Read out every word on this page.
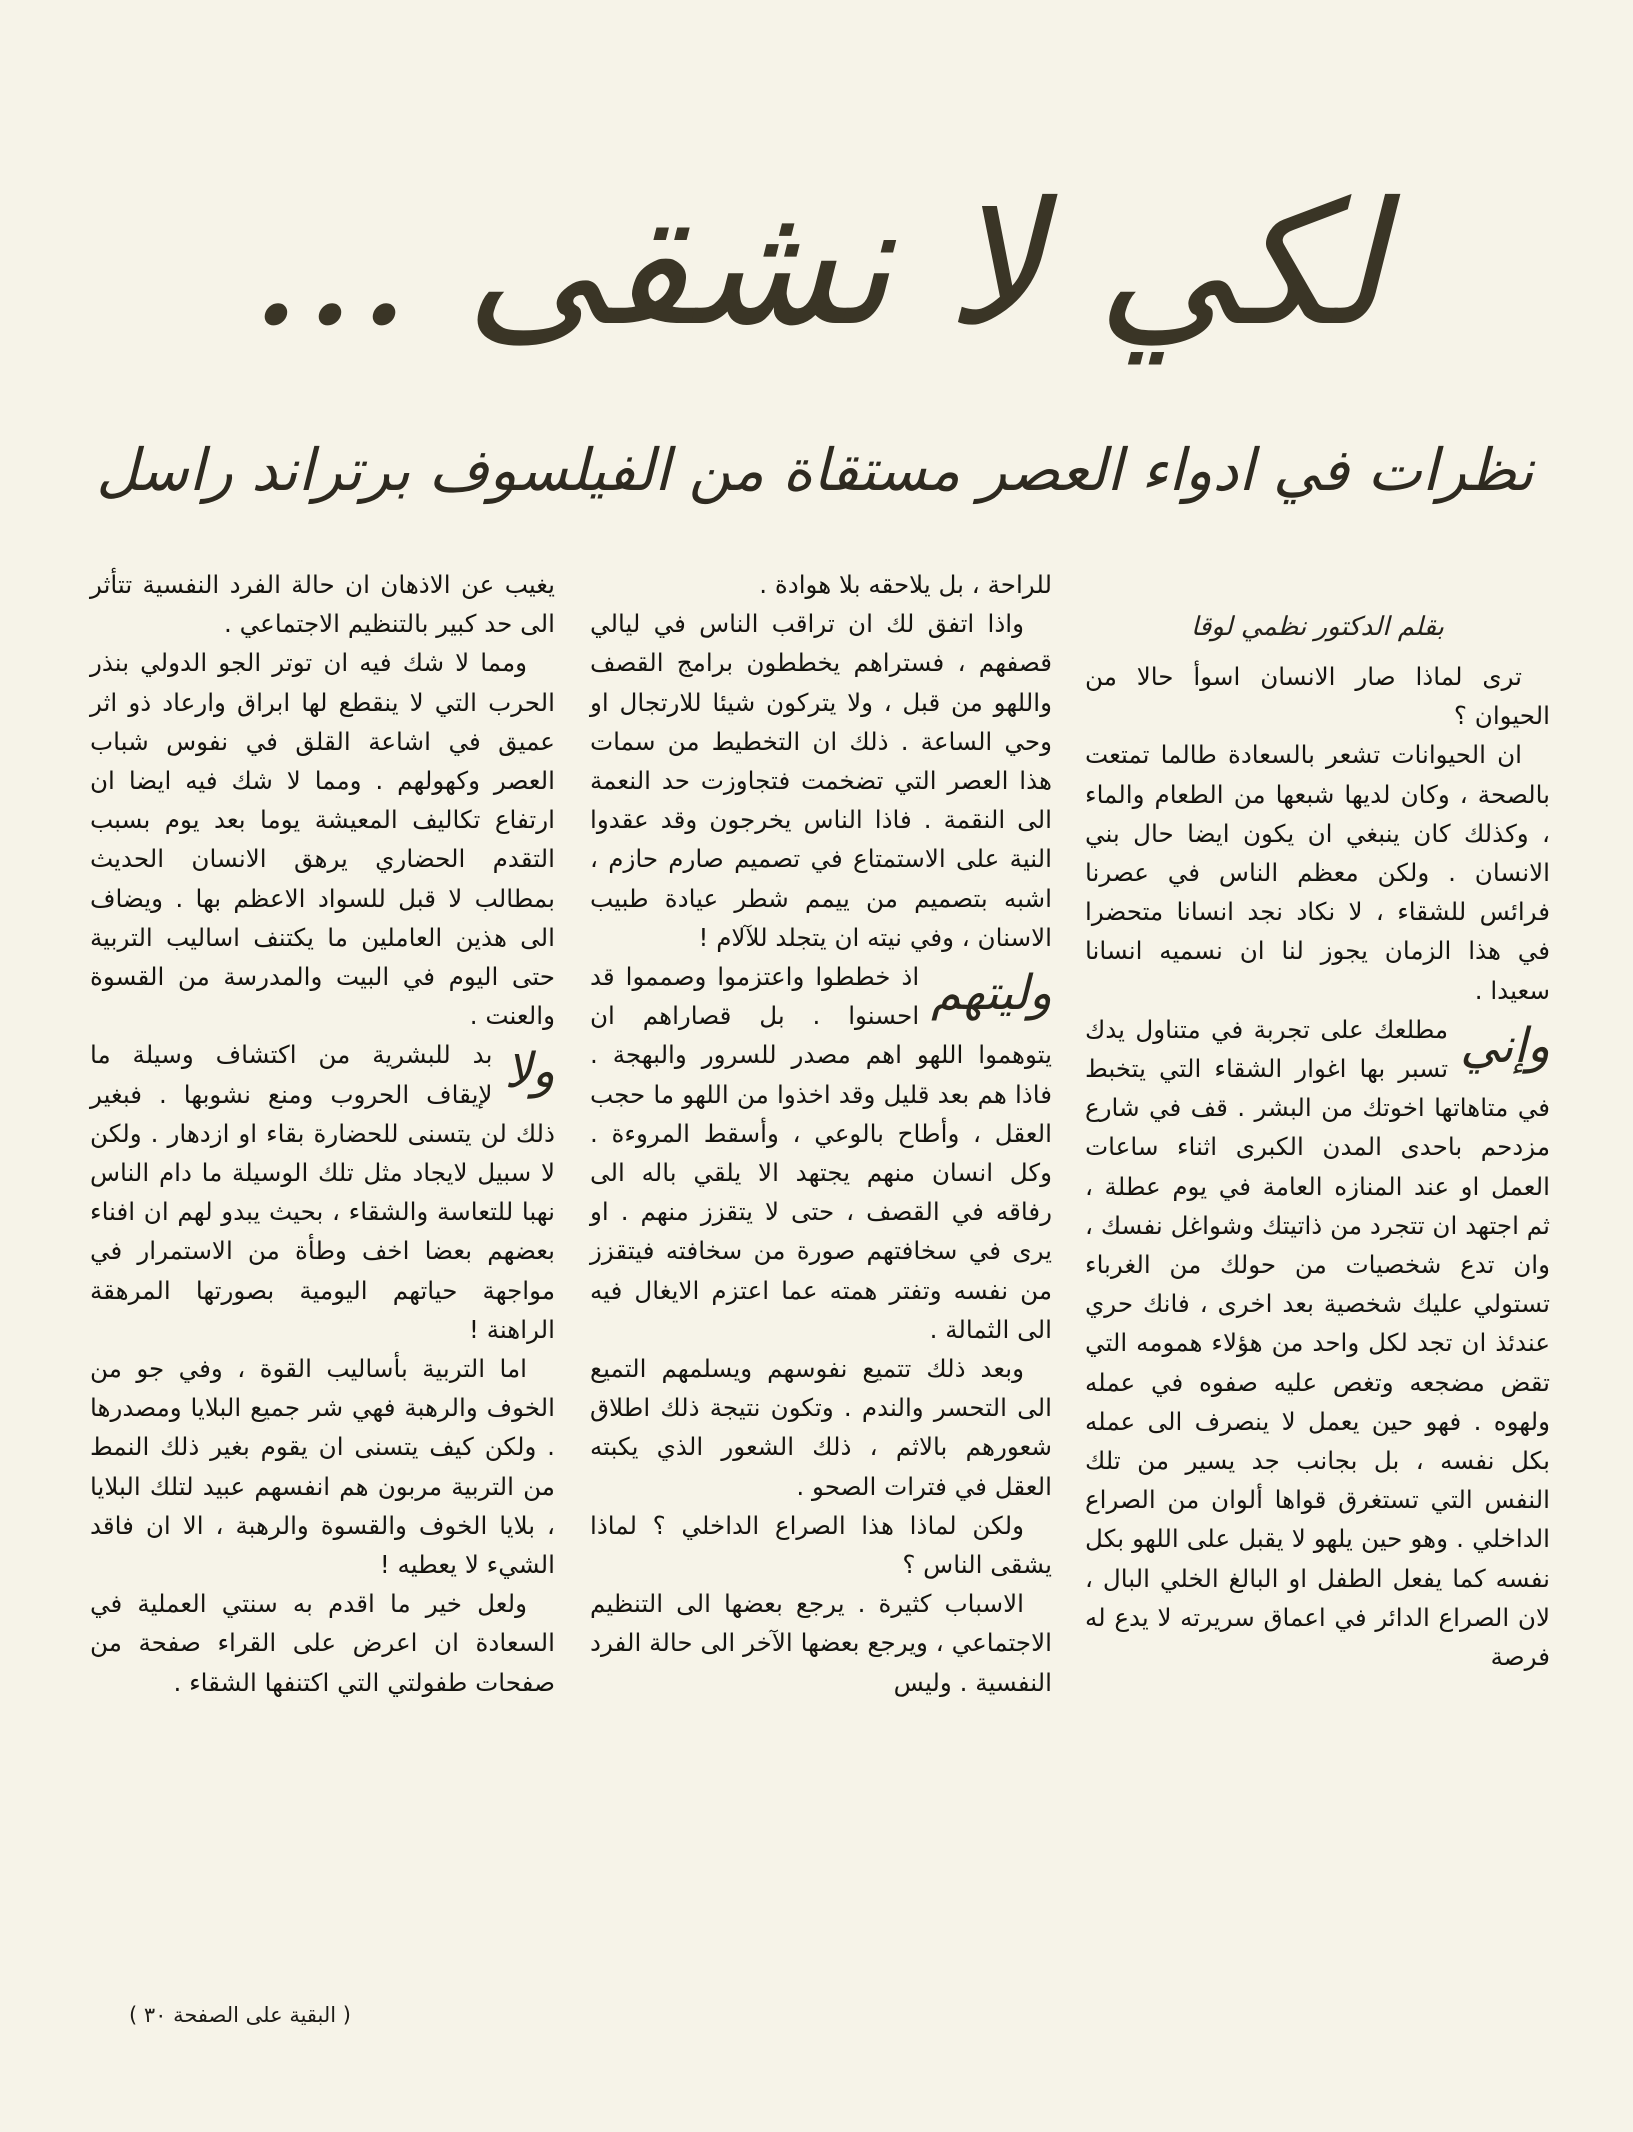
لكي لا نشقى ...
نظرات في ادواء العصر مستقاة من الفيلسوف برتراند راسل

بقلم الدكتور نظمي لوقا

ترى لماذا صار الانسان اسوأ حالا من الحيوان ؟

ان الحيوانات تشعر بالسعادة طالما تمتعت بالصحة ، وكان لديها شبعها من الطعام والماء ، وكذلك كان ينبغي ان يكون ايضا حال بني الانسان . ولكن معظم الناس في عصرنا فرائس للشقاء ، لا نكاد نجد انسانا متحضرا في هذا الزمان يجوز لنا ان نسميه انسانا سعيدا .

وإني
مطلعك على تجربة في متناول يدك تسبر بها اغوار الشقاء التي يتخبط في متاهاتها اخوتك من البشر . قف في شارع مزدحم باحدى المدن الكبرى اثناء ساعات العمل او عند المنازه العامة في يوم عطلة ، ثم اجتهد ان تتجرد من ذاتيتك وشواغل نفسك ، وان تدع شخصيات من حولك من الغرباء تستولي عليك شخصية بعد اخرى ، فانك حري عندئذ ان تجد لكل واحد من هؤلاء همومه التي تقض مضجعه وتغص عليه صفوه في عمله ولهوه . فهو حين يعمل لا ينصرف الى عمله بكل نفسه ، بل بجانب جد يسير من تلك النفس التي تستغرق قواها ألوان من الصراع الداخلي . وهو حين يلهو لا يقبل على اللهو بكل نفسه كما يفعل الطفل او البالغ الخلي البال ، لان الصراع الدائر في اعماق سريرته لا يدع له فرصة

للراحة ، بل يلاحقه بلا هوادة .

واذا اتفق لك ان تراقب الناس في ليالي قصفهم ، فستراهم يخططون برامج القصف واللهو من قبل ، ولا يتركون شيئا للارتجال او وحي الساعة . ذلك ان التخطيط من سمات هذا العصر التي تضخمت فتجاوزت حد النعمة الى النقمة . فاذا الناس يخرجون وقد عقدوا النية على الاستمتاع في تصميم صارم حازم ، اشبه بتصميم من ييمم شطر عيادة طبيب الاسنان ، وفي نيته ان يتجلد للآلام !

وليتهم
اذ خططوا واعتزموا وصمموا قد احسنوا . بل قصاراهم ان يتوهموا اللهو اهم مصدر للسرور والبهجة . فاذا هم بعد قليل وقد اخذوا من اللهو ما حجب العقل ، وأطاح بالوعي ، وأسقط المروءة . وكل انسان منهم يجتهد الا يلقي باله الى رفاقه في القصف ، حتى لا يتقزز منهم . او يرى في سخافتهم صورة من سخافته فيتقزز من نفسه وتفتر همته عما اعتزم الايغال فيه الى الثمالة .

وبعد ذلك تتميع نفوسهم ويسلمهم التميع الى التحسر والندم . وتكون نتيجة ذلك اطلاق شعورهم بالاثم ، ذلك الشعور الذي يكبته العقل في فترات الصحو .

ولكن لماذا هذا الصراع الداخلي ؟ لماذا يشقى الناس ؟

الاسباب كثيرة . يرجع بعضها الى التنظيم الاجتماعي ، ويرجع بعضها الآخر الى حالة الفرد النفسية . وليس

يغيب عن الاذهان ان حالة الفرد النفسية تتأثر الى حد كبير بالتنظيم الاجتماعي .

ومما لا شك فيه ان توتر الجو الدولي بنذر الحرب التي لا ينقطع لها ابراق وارعاد ذو اثر عميق في اشاعة القلق في نفوس شباب العصر وكهولهم . ومما لا شك فيه ايضا ان ارتفاع تكاليف المعيشة يوما بعد يوم بسبب التقدم الحضاري يرهق الانسان الحديث بمطالب لا قبل للسواد الاعظم بها . ويضاف الى هذين العاملين ما يكتنف اساليب التربية حتى اليوم في البيت والمدرسة من القسوة والعنت .

ولا
بد للبشرية من اكتشاف وسيلة ما لإيقاف الحروب ومنع نشوبها . فبغير ذلك لن يتسنى للحضارة بقاء او ازدهار . ولكن لا سبيل لايجاد مثل تلك الوسيلة ما دام الناس نهبا للتعاسة والشقاء ، بحيث يبدو لهم ان افناء بعضهم بعضا اخف وطأة من الاستمرار في مواجهة حياتهم اليومية بصورتها المرهقة الراهنة !

اما التربية بأساليب القوة ، وفي جو من الخوف والرهبة فهي شر جميع البلايا ومصدرها . ولكن كيف يتسنى ان يقوم بغير ذلك النمط من التربية مربون هم انفسهم عبيد لتلك البلايا ، بلايا الخوف والقسوة والرهبة ، الا ان فاقد الشيء لا يعطيه !

ولعل خير ما اقدم به سنتي العملية في السعادة ان اعرض على القراء صفحة من صفحات طفولتي التي اكتنفها الشقاء .

( البقية على الصفحة ٣٠ )
